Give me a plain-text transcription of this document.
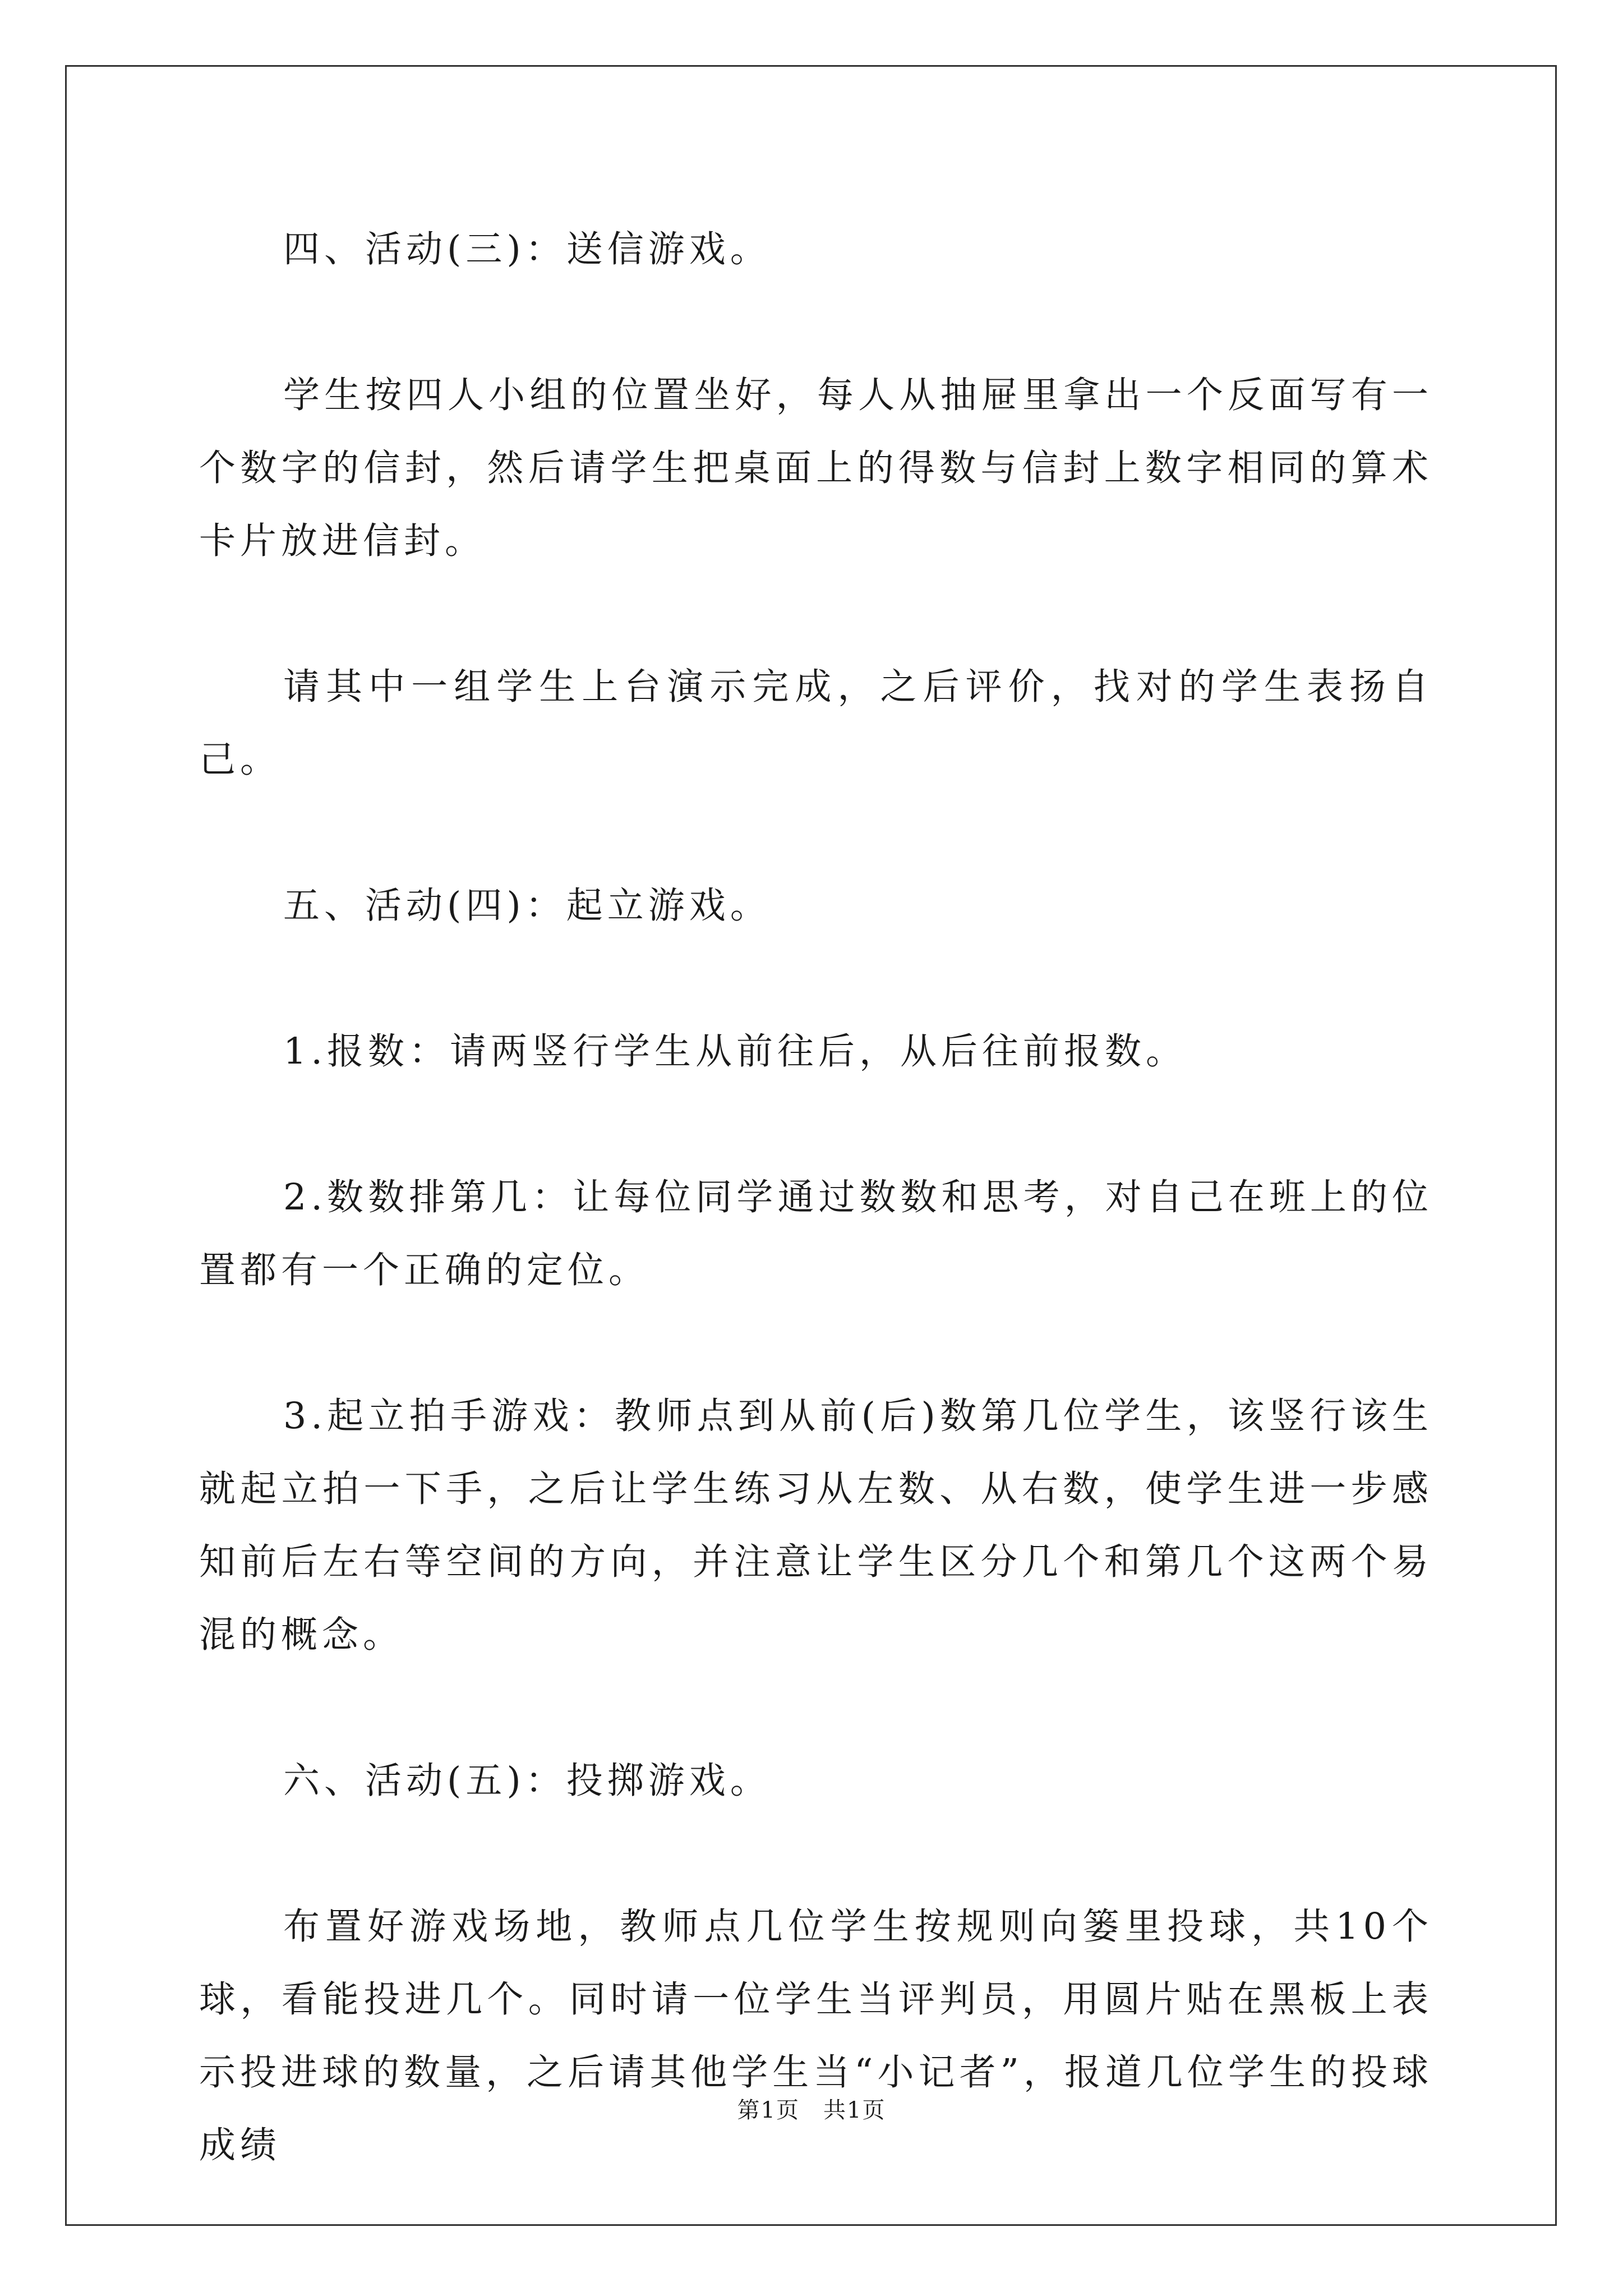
四、活动(三)：送信游戏。

学生按四人小组的位置坐好，每人从抽屉里拿出一个反面写有一个数字的信封，然后请学生把桌面上的得数与信封上数字相同的算术卡片放进信封。

请其中一组学生上台演示完成，之后评价，找对的学生表扬自己。

五、活动(四)：起立游戏。

1.报数：请两竖行学生从前往后，从后往前报数。

2.数数排第几：让每位同学通过数数和思考，对自己在班上的位置都有一个正确的定位。

3.起立拍手游戏：教师点到从前(后)数第几位学生，该竖行该生就起立拍一下手，之后让学生练习从左数、从右数，使学生进一步感知前后左右等空间的方向，并注意让学生区分几个和第几个这两个易混的概念。

六、活动(五)：投掷游戏。

布置好游戏场地，教师点几位学生按规则向篓里投球，共10个球，看能投进几个。同时请一位学生当评判员，用圆片贴在黑板上表示投进球的数量，之后请其他学生当“小记者”，报道几位学生的投球成绩

第1页　共1页
